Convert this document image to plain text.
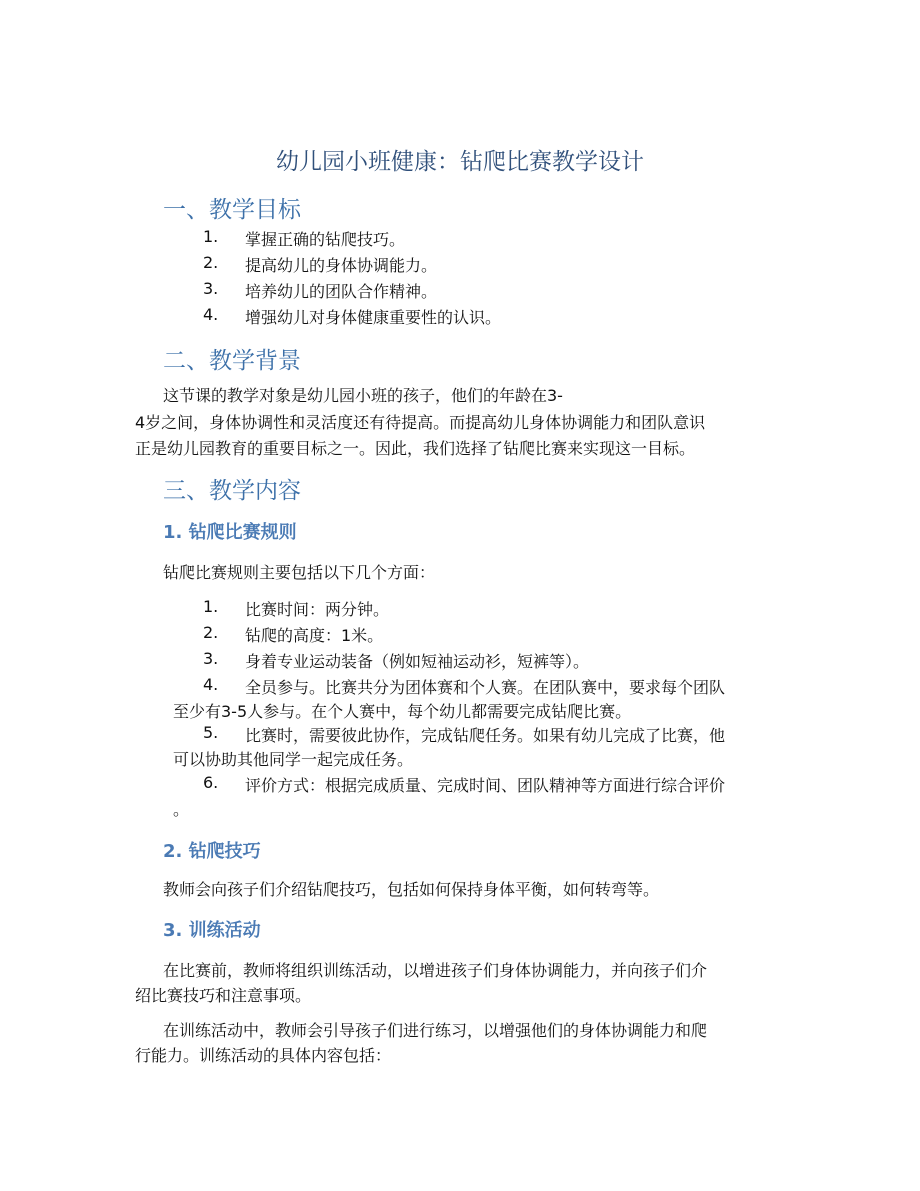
幼儿园小班健康：钻爬比赛教学设计
一、教学目标
1. 掌握正确的钻爬技巧。
2. 提高幼儿的身体协调能力。
3. 培养幼儿的团队合作精神。
4. 增强幼儿对身体健康重要性的认识。
二、教学背景
这节课的教学对象是幼儿园小班的孩子，他们的年龄在3-
4岁之间，身体协调性和灵活度还有待提高。而提高幼儿身体协调能力和团队意识
正是幼儿园教育的重要目标之一。因此，我们选择了钻爬比赛来实现这一目标。
三、教学内容
1. 钻爬比赛规则
钻爬比赛规则主要包括以下几个方面：
1. 比赛时间：两分钟。
2. 钻爬的高度：1米。
3. 身着专业运动装备（例如短袖运动衫，短裤等）。
4. 全员参与。比赛共分为团体赛和个人赛。在团队赛中，要求每个团队
至少有3-5人参与。在个人赛中，每个幼儿都需要完成钻爬比赛。
5. 比赛时，需要彼此协作，完成钻爬任务。如果有幼儿完成了比赛，他
可以协助其他同学一起完成任务。
6. 评价方式：根据完成质量、完成时间、团队精神等方面进行综合评价
。
2. 钻爬技巧
教师会向孩子们介绍钻爬技巧，包括如何保持身体平衡，如何转弯等。
3. 训练活动
在比赛前，教师将组织训练活动，以增进孩子们身体协调能力，并向孩子们介
绍比赛技巧和注意事项。
在训练活动中，教师会引导孩子们进行练习，以增强他们的身体协调能力和爬
行能力。训练活动的具体内容包括：
